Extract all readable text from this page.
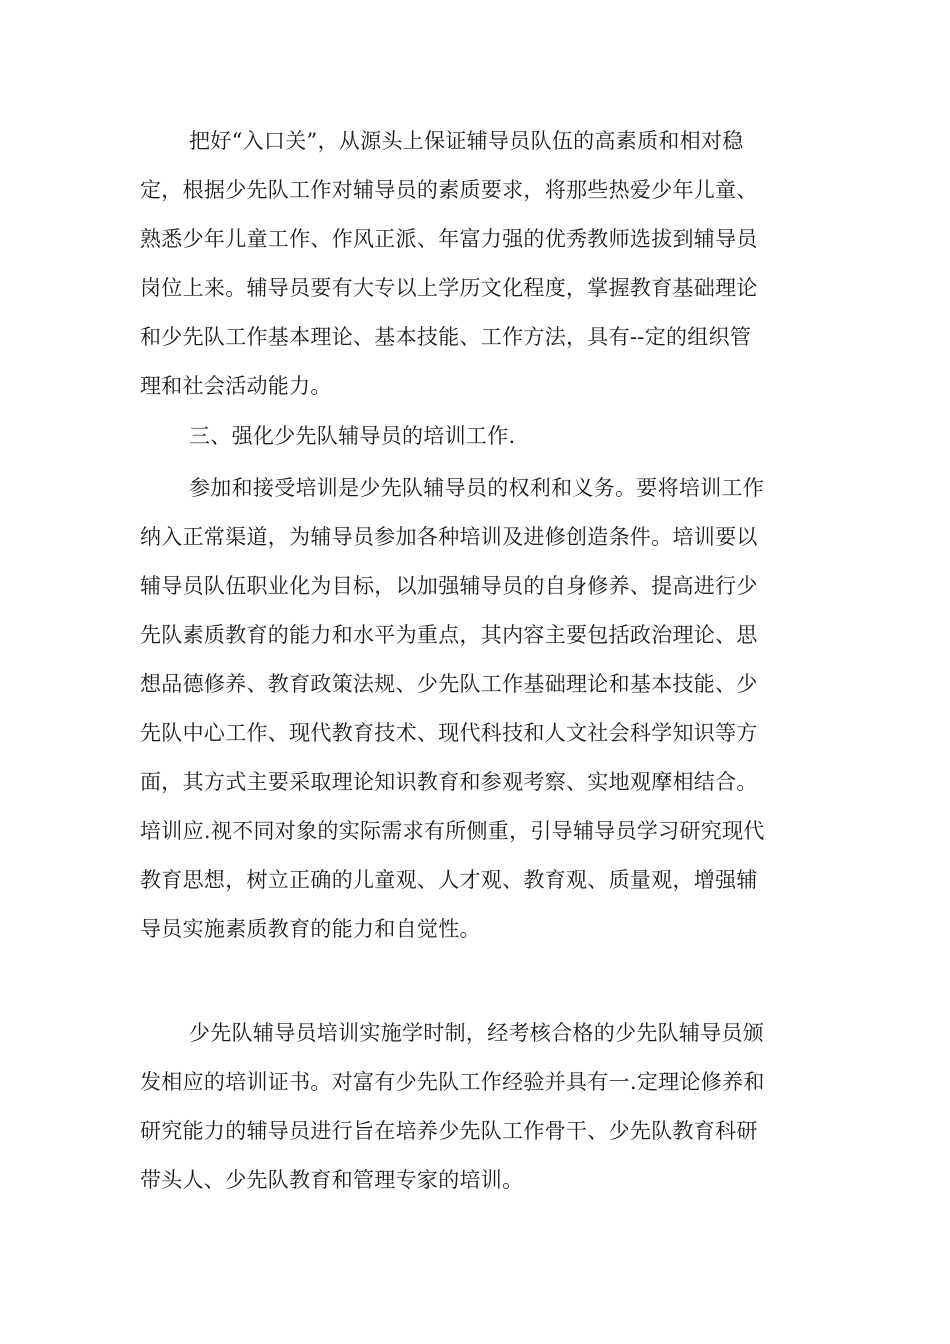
把好“入口关”，从源头上保证辅导员队伍的高素质和相对稳
定，根据少先队工作对辅导员的素质要求，将那些热爱少年儿童、
熟悉少年儿童工作、作风正派、年富力强的优秀教师选拔到辅导员
岗位上来。辅导员要有大专以上学历文化程度，掌握教育基础理论
和少先队工作基本理论、基本技能、工作方法，具有--定的组织管
理和社会活动能力。
三、强化少先队辅导员的培训工作.
参加和接受培训是少先队辅导员的权利和义务。要将培训工作
纳入正常渠道，为辅导员参加各种培训及进修创造条件。培训要以
辅导员队伍职业化为目标，以加强辅导员的自身修养、提高进行少
先队素质教育的能力和水平为重点，其内容主要包括政治理论、思
想品德修养、教育政策法规、少先队工作基础理论和基本技能、少
先队中心工作、现代教育技术、现代科技和人文社会科学知识等方
面，其方式主要采取理论知识教育和参观考察、实地观摩相结合。
培训应.视不同对象的实际需求有所侧重，引导辅导员学习研究现代
教育思想，树立正确的儿童观、人才观、教育观、质量观，增强辅
导员实施素质教育的能力和自觉性。
少先队辅导员培训实施学时制，经考核合格的少先队辅导员颁
发相应的培训证书。对富有少先队工作经验并具有一.定理论修养和
研究能力的辅导员进行旨在培养少先队工作骨干、少先队教育科研
带头人、少先队教育和管理专家的培训。
